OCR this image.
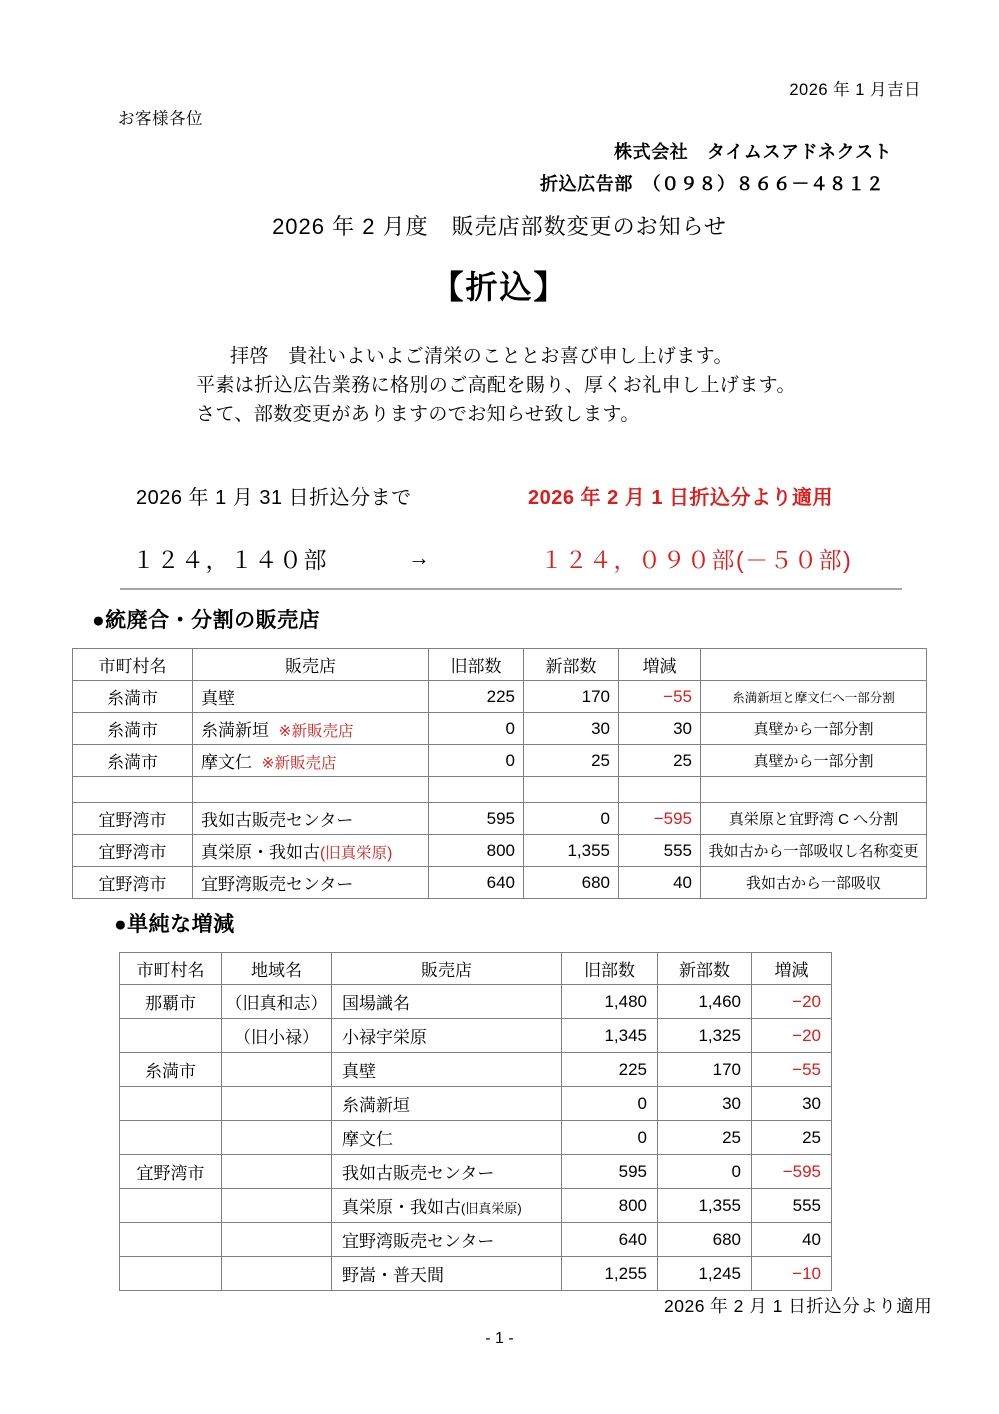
2026 年 1 月吉日
お客様各位
株式会社　タイムスアドネクスト
折込広告部　（０９８）８６６－４８１２
2026 年 2 月度　販売店部数変更のお知らせ
【折込】
拝啓　貴社いよいよご清栄のこととお喜び申し上げます。
平素は折込広告業務に格別のご高配を賜り、厚くお礼申し上げます。
さて、部数変更がありますのでお知らせ致します。
2026 年 1 月 31 日折込分まで	2026 年 2 月 1 日折込分より適用
１２４，１４０部	→	１２４，０９０部(－５０部)
●統廃合・分割の販売店
市町村名	販売店	旧部数	新部数	増減	
糸満市	真壁	225	170	−55	糸満新垣と摩文仁へ一部分割
糸満市	糸満新垣 ※新販売店	0	30	30	真壁から一部分割
糸満市	摩文仁 ※新販売店	0	25	25	真壁から一部分割

宜野湾市	我如古販売センター	595	0	−595	真栄原と宜野湾 C へ分割
宜野湾市	真栄原・我如古(旧真栄原)	800	1,355	555	我如古から一部吸収し名称変更
宜野湾市	宜野湾販売センター	640	680	40	我如古から一部吸収
●単純な増減
市町村名	地域名	販売店	旧部数	新部数	増減
那覇市	（旧真和志）	国場識名	1,480	1,460	−20
	（旧小禄）	小禄宇栄原	1,345	1,325	−20
糸満市		真壁	225	170	−55
		糸満新垣	0	30	30
		摩文仁	0	25	25
宜野湾市		我如古販売センター	595	0	−595
		真栄原・我如古(旧真栄原)	800	1,355	555
		宜野湾販売センター	640	680	40
		野嵩・普天間	1,255	1,245	−10
2026 年 2 月 1 日折込分より適用
- 1 -
